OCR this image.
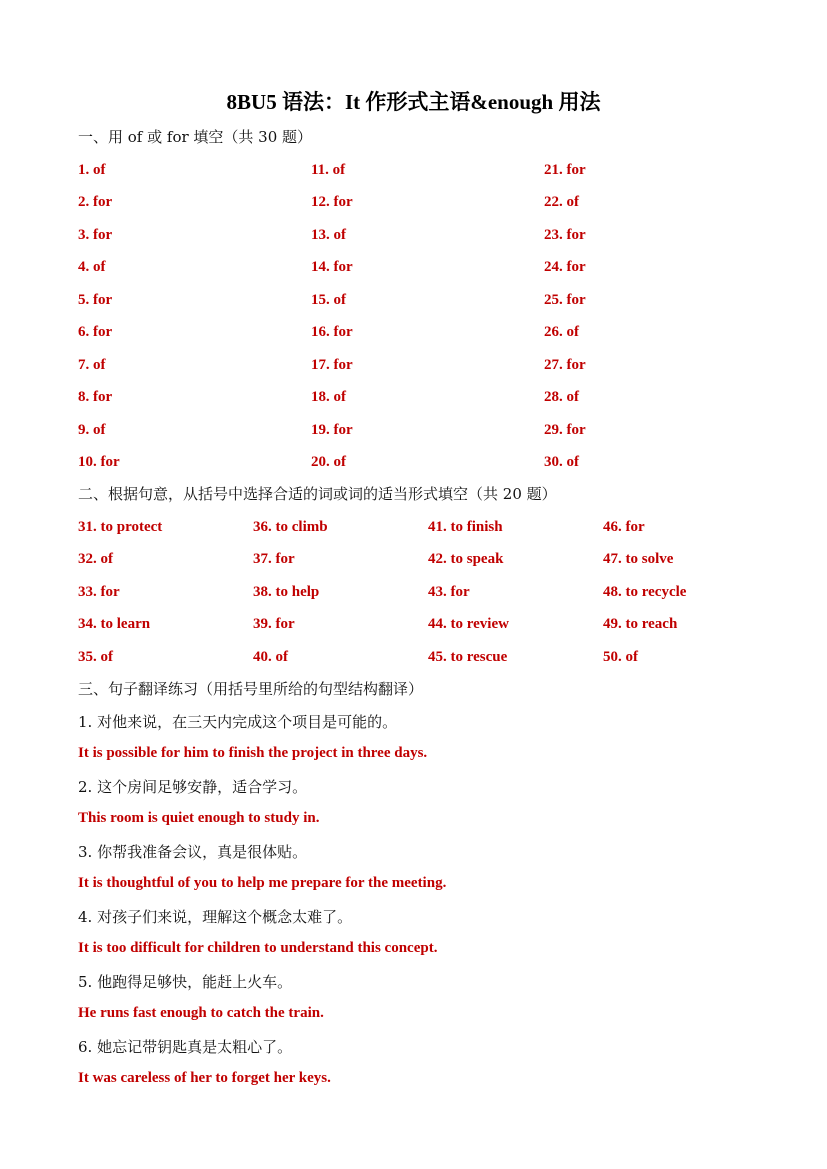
8BU5 语法：It 作形式主语&enough 用法
一、用 of 或 for 填空（共 30 题）
1. of	11. of	21. for
2. for	12. for	22. of
3. for	13. of	23. for
4. of	14. for	24. for
5. for	15. of	25. for
6. for	16. for	26. of
7. of	17. for	27. for
8. for	18. of	28. of
9. of	19. for	29. for
10. for	20. of	30. of
二、根据句意，从括号中选择合适的词或词的适当形式填空（共 20 题）
31. to protect	36. to climb	41. to finish	46. for
32. of	37. for	42. to speak	47. to solve
33. for	38. to help	43. for	48. to recycle
34. to learn	39. for	44. to review	49. to reach
35. of	40. of	45. to rescue	50. of
三、句子翻译练习（用括号里所给的句型结构翻译）
1. 对他来说，在三天内完成这个项目是可能的。
It is possible for him to finish the project in three days.
2. 这个房间足够安静，适合学习。
This room is quiet enough to study in.
3. 你帮我准备会议，真是很体贴。
It is thoughtful of you to help me prepare for the meeting.
4. 对孩子们来说，理解这个概念太难了。
It is too difficult for children to understand this concept.
5. 他跑得足够快，能赶上火车。
He runs fast enough to catch the train.
6. 她忘记带钥匙真是太粗心了。
It was careless of her to forget her keys.
